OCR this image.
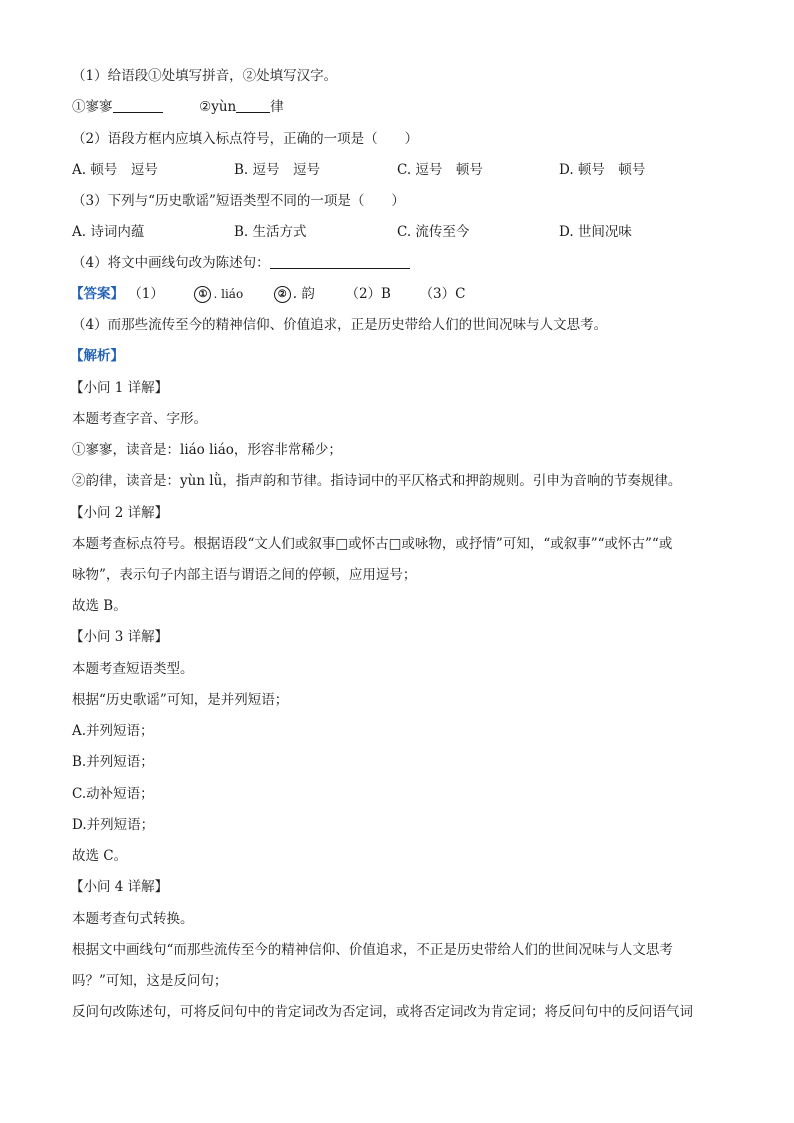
（1）给语段①处填写拼音，②处填写汉字。
①寥寥	②yùn	律
（2）语段方框内应填入标点符号，正确的一项是（　　）
A. 顿号　逗号	B. 逗号　逗号	C. 逗号　顿号	D. 顿号　顿号
（3）下列与“历史歌谣”短语类型不同的一项是（　　）
A. 诗词内蕴	B. 生活方式	C. 流传至今	D. 世间况味
（4）将文中画线句改为陈述句：
【答案】 （1）	① . liáo	② . 韵 （2）B （3）C
（4）而那些流传至今的精神信仰、价值追求，正是历史带给人们的世间况味与人文思考。
【解析】
【小问 1 详解】
本题考查字音、字形。
①寥寥，读音是：liáo liáo，形容非常稀少；
②韵律，读音是：yùn lǜ，指声韵和节律。指诗词中的平仄格式和押韵规则。引申为音响的节奏规律。
【小问 2 详解】
本题考查标点符号。根据语段“文人们或叙事□或怀古□或咏物，或抒情”可知，“或叙事”“或怀古”“或
咏物”，表示句子内部主语与谓语之间的停顿，应用逗号；
故选 B。
【小问 3 详解】
本题考查短语类型。
根据“历史歌谣”可知，是并列短语；
A.并列短语；
B.并列短语；
C.动补短语；
D.并列短语；
故选 C。
【小问 4 详解】
本题考查句式转换。
根据文中画线句“而那些流传至今的精神信仰、价值追求，不正是历史带给人们的世间况味与人文思考
吗？”可知，这是反问句；
反问句改陈述句，可将反问句中的肯定词改为否定词，或将否定词改为肯定词；将反问句中的反问语气词
